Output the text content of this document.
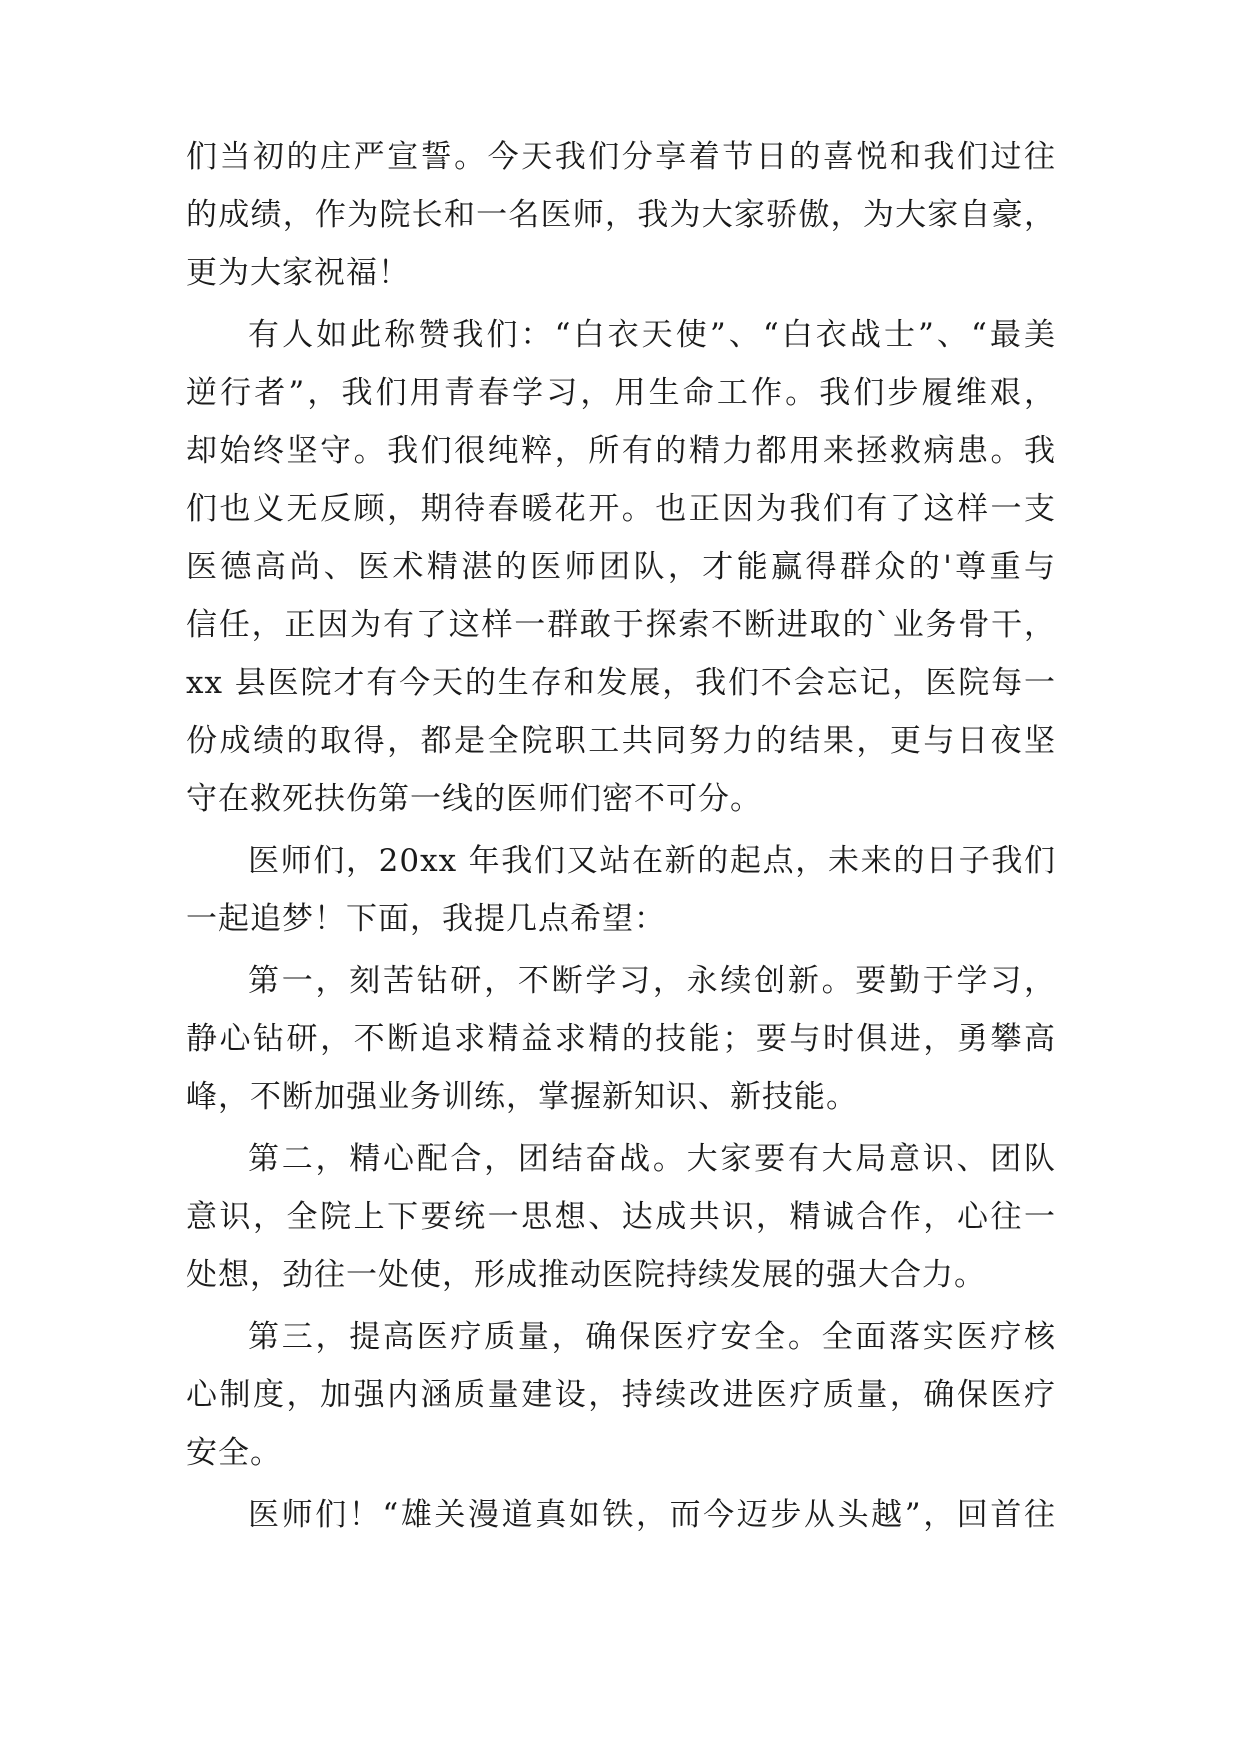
们当初的庄严宣誓。今天我们分享着节日的喜悦和我们过往
的成绩，作为院长和一名医师，我为大家骄傲，为大家自豪，
更为大家祝福！
有人如此称赞我们：“白衣天使”、“白衣战士”、“最美
逆行者”，我们用青春学习，用生命工作。我们步履维艰，
却始终坚守。我们很纯粹，所有的精力都用来拯救病患。我
们也义无反顾，期待春暖花开。也正因为我们有了这样一支
医德高尚、医术精湛的医师团队，才能赢得群众的'尊重与
信任，正因为有了这样一群敢于探索不断进取的`业务骨干，
xx 县医院才有今天的生存和发展，我们不会忘记，医院每一
份成绩的取得，都是全院职工共同努力的结果，更与日夜坚
守在救死扶伤第一线的医师们密不可分。
医师们，20xx 年我们又站在新的起点，未来的日子我们
一起追梦！下面，我提几点希望：
第一，刻苦钻研，不断学习，永续创新。要勤于学习，
静心钻研，不断追求精益求精的技能；要与时俱进，勇攀高
峰，不断加强业务训练，掌握新知识、新技能。
第二，精心配合，团结奋战。大家要有大局意识、团队
意识，全院上下要统一思想、达成共识，精诚合作，心往一
处想，劲往一处使，形成推动医院持续发展的强大合力。
第三，提高医疗质量，确保医疗安全。全面落实医疗核
心制度，加强内涵质量建设，持续改进医疗质量，确保医疗
安全。
医师们！“雄关漫道真如铁，而今迈步从头越”，回首往
